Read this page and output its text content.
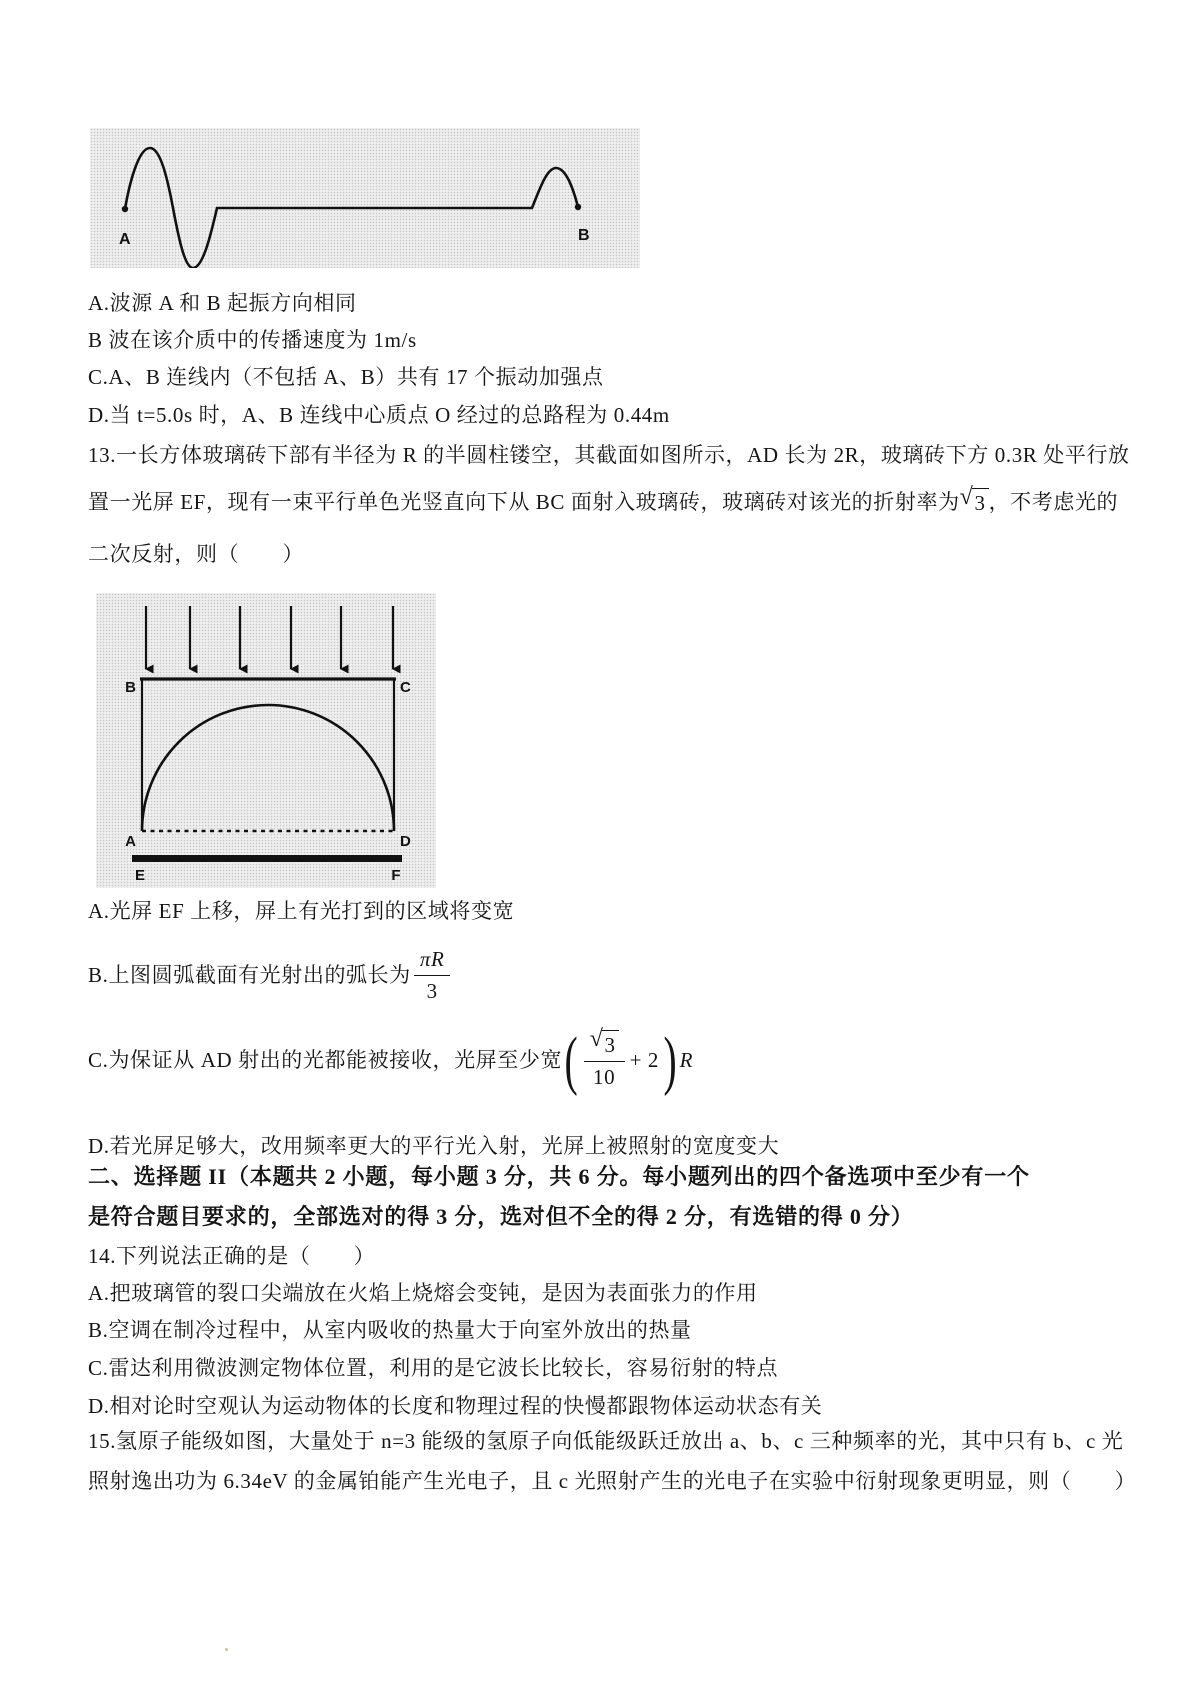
A	B
A.波源 A 和 B 起振方向相同
B 波在该介质中的传播速度为 1m/s
C.A、B 连线内（不包括 A、B）共有 17 个振动加强点
D.当 t=5.0s 时，A、B 连线中心质点 O 经过的总路程为 0.44m
13.一长方体玻璃砖下部有半径为 R 的半圆柱镂空，其截面如图所示，AD 长为 2R，玻璃砖下方 0.3R 处平行放
置一光屏 EF，现有一束平行单色光竖直向下从 BC 面射入玻璃砖，玻璃砖对该光的折射率为 √ 3 ，不考虑光的
二次反射，则（　　）
B	C
A	D
E	F
A.光屏 EF 上移，屏上有光打到的区域将变宽
B.上图圆弧截面有光射出的弧长为 $\frac{\pi R}{3}$
C.为保证从 AD 射出的光都能被接收，光屏至少宽 ( $\frac{√ 3}{10} + 2$ ) R
D.若光屏足够大，改用频率更大的平行光入射，光屏上被照射的宽度变大
二、选择题 II（本题共 2 小题，每小题 3 分，共 6 分。每小题列出的四个备选项中至少有一个
是符合题目要求的，全部选对的得 3 分，选对但不全的得 2 分，有选错的得 0 分）
14.下列说法正确的是（　　）
A.把玻璃管的裂口尖端放在火焰上烧熔会变钝，是因为表面张力的作用
B.空调在制冷过程中，从室内吸收的热量大于向室外放出的热量
C.雷达利用微波测定物体位置，利用的是它波长比较长，容易衍射的特点
D.相对论时空观认为运动物体的长度和物理过程的快慢都跟物体运动状态有关
15.氢原子能级如图，大量处于 n=3 能级的氢原子向低能级跃迁放出 a、b、c 三种频率的光，其中只有 b、c 光
照射逸出功为 6.34eV 的金属铂能产生光电子，且 c 光照射产生的光电子在实验中衍射现象更明显，则（　　）
